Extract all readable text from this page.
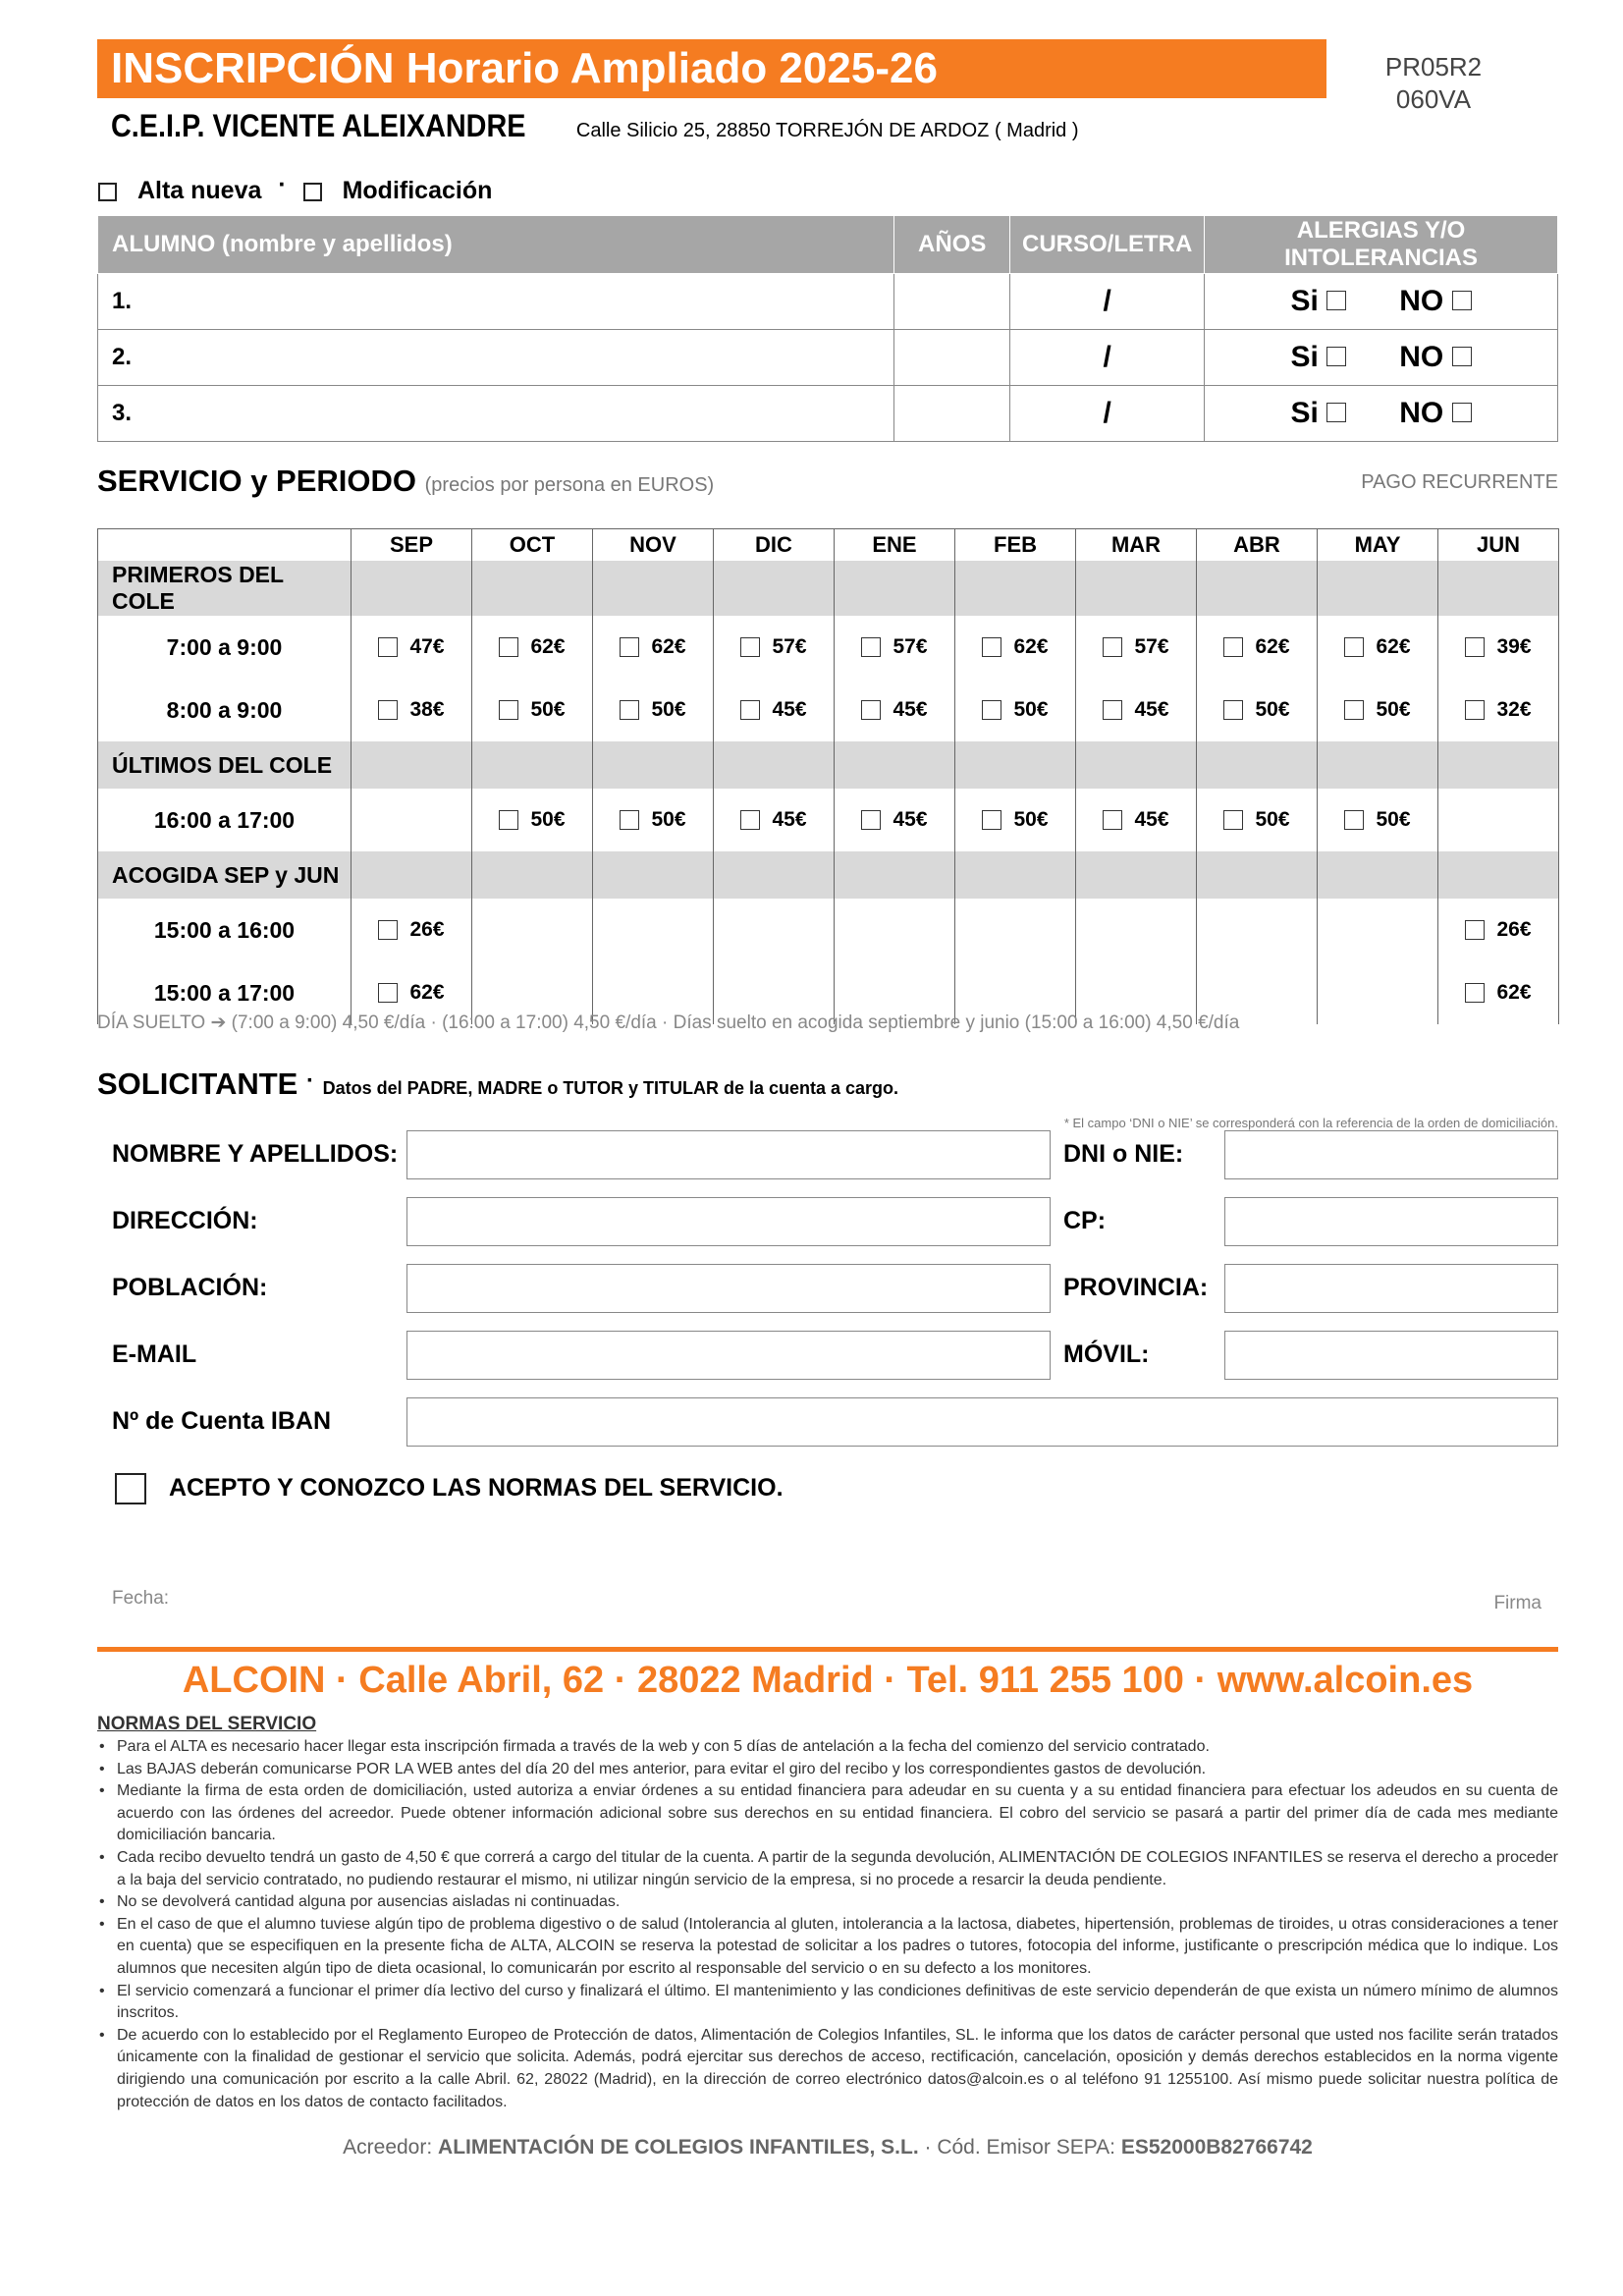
INSCRIPCIÓN Horario Ampliado 2025-26	PR05R2
060VA
C.E.I.P. VICENTE ALEIXANDRE	Calle Silicio 25, 28850 TORREJÓN DE ARDOZ ( Madrid )
Alta nueva · Modificación
ALUMNO (nombre y apellidos)	AÑOS	CURSO/LETRA	ALERGIAS Y/O INTOLERANCIAS
1.		/	Si NO

2.		/	Si NO

3.		/	Si NO
SERVICIO y PERIODO (precios por persona en EUROS)	PAGO RECURRENTE
	SEP	OCT	NOV	DIC	ENE	FEB	MAR	ABR	MAY	JUN
PRIMEROS DEL COLE										
7:00 a 9:00	47€	62€	62€	57€	57€	62€	57€	62€	62€	39€

8:00 a 9:00	38€	50€	50€	45€	45€	50€	45€	50€	50€	32€

ÚLTIMOS DEL COLE										
16:00 a 17:00		50€	50€	45€	45€	50€	45€	50€	50€	

ACOGIDA SEP y JUN										
15:00 a 16:00	26€									26€

15:00 a 17:00	62€									62€
DÍA SUELTO ➔ (7:00 a 9:00) 4,50 €/día · (16:00 a 17:00) 4,50 €/día · Días suelto en acogida septiembre y junio (15:00 a 16:00) 4,50 €/día
SOLICITANTE · Datos del PADRE, MADRE o TUTOR y TITULAR de la cuenta a cargo.
* El campo ‘DNI o NIE’ se corresponderá con la referencia de la orden de domiciliación.
NOMBRE Y APELLIDOS:	DNI o NIE:
DIRECCIÓN:	CP:
POBLACIÓN:	PROVINCIA:
E-MAIL	MÓVIL:
Nº de Cuenta IBAN
ACEPTO Y CONOZCO LAS NORMAS DEL SERVICIO.
Fecha:	Firma
ALCOIN · Calle Abril, 62 · 28022 Madrid · Tel. 911 255 100 · www.alcoin.es
NORMAS DEL SERVICIO
• Para el ALTA es necesario hacer llegar esta inscripción firmada a través de la web y con 5 días de antelación a la fecha del comienzo del servicio contratado.
• Las BAJAS deberán comunicarse POR LA WEB antes del día 20 del mes anterior, para evitar el giro del recibo y los correspondientes gastos de devolución.
• Mediante la firma de esta orden de domiciliación, usted autoriza a enviar órdenes a su entidad financiera para adeudar en su cuenta y a su entidad financiera para efectuar los adeudos en su cuenta de acuerdo con las órdenes del acreedor. Puede obtener información adicional sobre sus derechos en su entidad financiera. El cobro del servicio se pasará a partir del primer día de cada mes mediante domiciliación bancaria.
• Cada recibo devuelto tendrá un gasto de 4,50 € que correrá a cargo del titular de la cuenta. A partir de la segunda devolución, ALIMENTACIÓN DE COLEGIOS INFANTILES se reserva el derecho a proceder a la baja del servicio contratado, no pudiendo restaurar el mismo, ni utilizar ningún servicio de la empresa, si no procede a resarcir la deuda pendiente.
• No se devolverá cantidad alguna por ausencias aisladas ni continuadas.
• En el caso de que el alumno tuviese algún tipo de problema digestivo o de salud (Intolerancia al gluten, intolerancia a la lactosa, diabetes, hipertensión, problemas de tiroides, u otras consideraciones a tener en cuenta) que se especifiquen en la presente ficha de ALTA, ALCOIN se reserva la potestad de solicitar a los padres o tutores, fotocopia del informe, justificante o prescripción médica que lo indique. Los alumnos que necesiten algún tipo de dieta ocasional, lo comunicarán por escrito al responsable del servicio o en su defecto a los monitores.
• El servicio comenzará a funcionar el primer día lectivo del curso y finalizará el último. El mantenimiento y las condiciones definitivas de este servicio dependerán de que exista un número mínimo de alumnos inscritos.
• De acuerdo con lo establecido por el Reglamento Europeo de Protección de datos, Alimentación de Colegios Infantiles, SL. le informa que los datos de carácter personal que usted nos facilite serán tratados únicamente con la finalidad de gestionar el servicio que solicita. Además, podrá ejercitar sus derechos de acceso, rectificación, cancelación, oposición y demás derechos establecidos en la norma vigente dirigiendo una comunicación por escrito a la calle Abril. 62, 28022 (Madrid), en la dirección de correo electrónico datos@alcoin.es o al teléfono 91 1255100. Así mismo puede solicitar nuestra política de protección de datos en los datos de contacto facilitados.
Acreedor: ALIMENTACIÓN DE COLEGIOS INFANTILES, S.L. · Cód. Emisor SEPA: ES52000B82766742
